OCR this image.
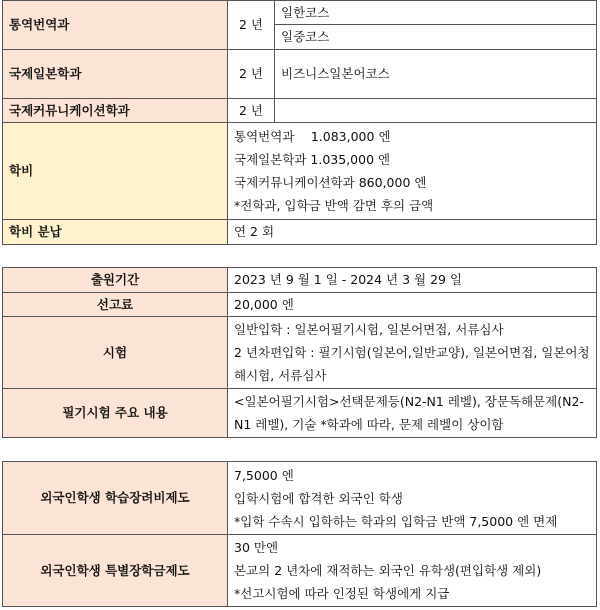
통역번역과	2 년	일한코스
		일중코스
국제일본학과	2 년	비즈니스일본어코스
국제커뮤니케이션학과	2 년	
학비	통역번역과　 1.083,000 엔
국제일본학과 1.035,000 엔
국제커뮤니케이션학과 860,000 엔
*전학과, 입학금 반액 감면 후의 금액	

학비 분납	연 2 회	
출원기간	2023 년 9 월 1 일 - 2024 년 3 월 29 일
선고료	20,000 엔
시험	일반입학 : 일본어필기시험, 일본어면접, 서류심사
2 년차편입학 : 필기시험(일본어,일반교양), 일본어면접, 일본어청해시험, 서류심사

필기시험 주요 내용	<일본어필기시험>선택문제등(N2-N1 레벨), 장문독해문제(N2-N1 레벨), 기술 *학과에 따라, 문제 레벨이 상이함
외국인학생 학습장려비제도	7,5000 엔
입학시험에 합격한 외국인 학생
*입학 수속시 입학하는 학과의 입학금 반액 7,5000 엔 면제

외국인학생 특별장학금제도	30 만엔
본교의 2 년차에 재적하는 외국인 유학생(편입학생 제외)
*선고시험에 따라 인정된 학생에게 지급
